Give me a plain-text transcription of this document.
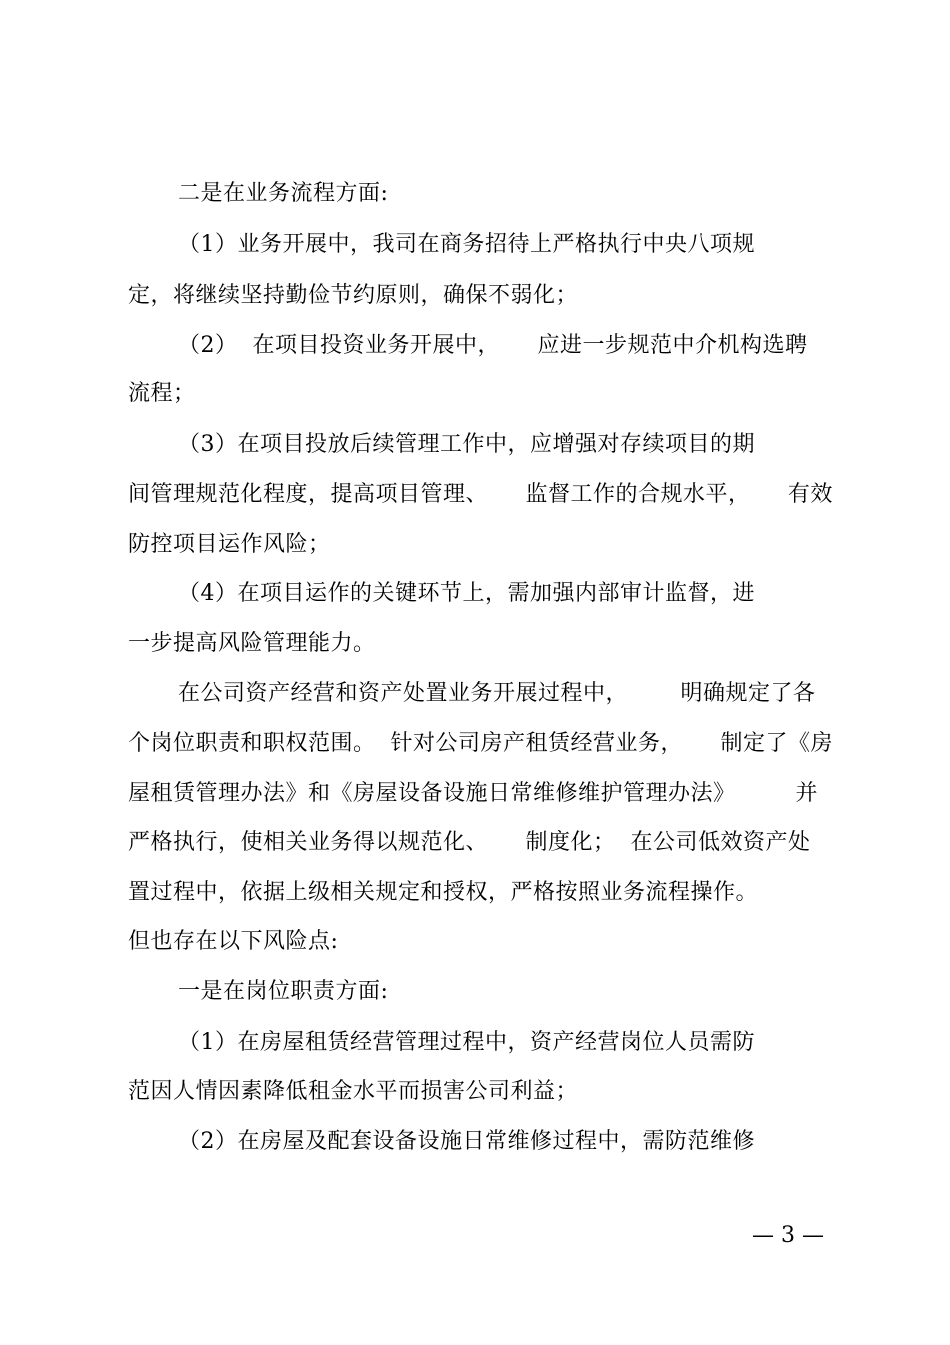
二是在业务流程方面:
（1）业务开展中，我司在商务招待上严格执行中央八项规
定，将继续坚持勤俭节约原则，确保不弱化；
（2）  在项目投资业务开展中，     应进一步规范中介机构选聘
流程；
（3）在项目投放后续管理工作中，应增强对存续项目的期
间管理规范化程度，提高项目管理、     监督工作的合规水平，     有效
防控项目运作风险；
（4）在项目运作的关键环节上，需加强内部审计监督，进
一步提高风险管理能力。
在公司资产经营和资产处置业务开展过程中，       明确规定了各
个岗位职责和职权范围。  针对公司房产租赁经营业务，     制定了《房
屋租赁管理办法》和《房屋设备设施日常维修维护管理办法》        并
严格执行，使相关业务得以规范化、     制度化；  在公司低效资产处
置过程中，依据上级相关规定和授权，严格按照业务流程操作。
但也存在以下风险点:
一是在岗位职责方面:
（1）在房屋租赁经营管理过程中，资产经营岗位人员需防
范因人情因素降低租金水平而损害公司利益；
（2）在房屋及配套设备设施日常维修过程中，需防范维修
— 3 —
